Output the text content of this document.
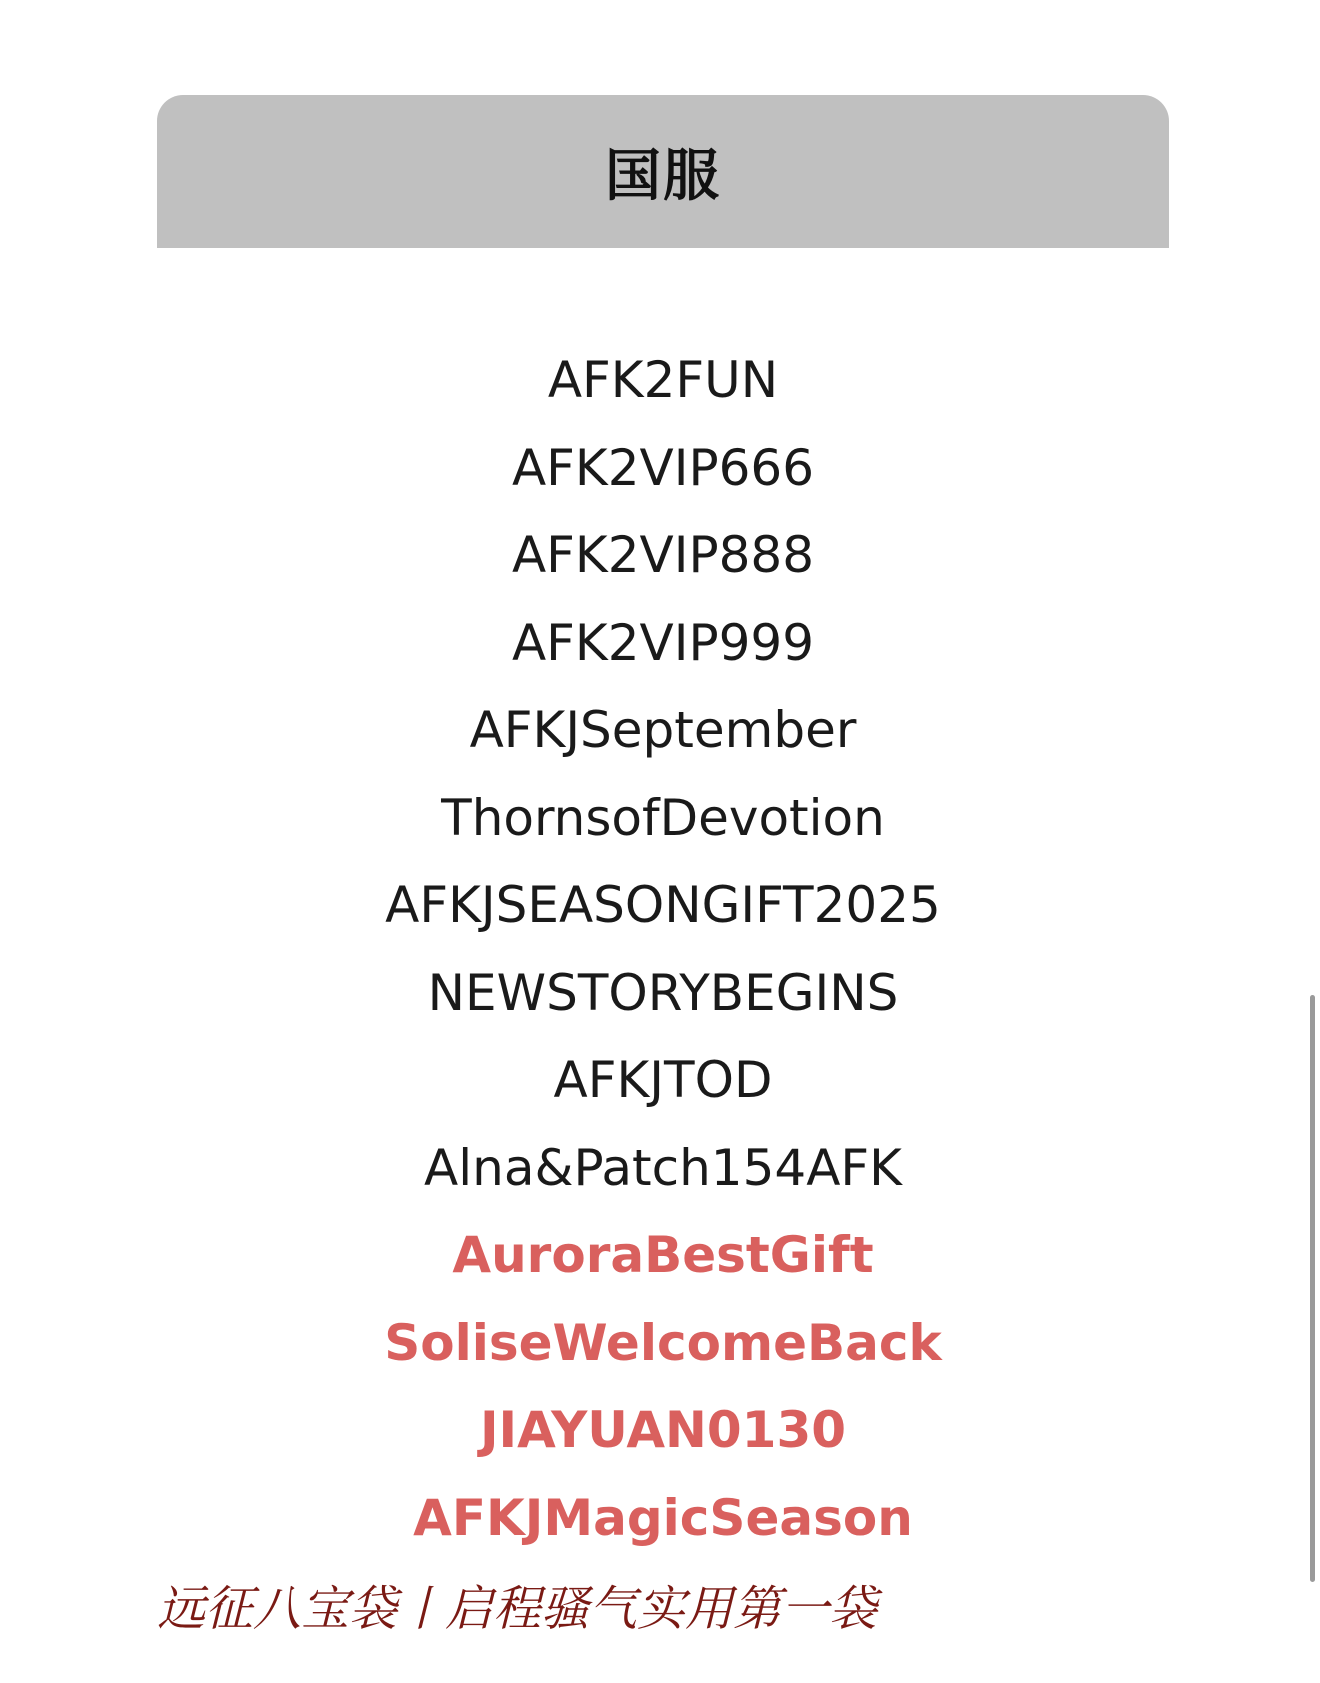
国服
AFK2FUN
AFK2VIP666
AFK2VIP888
AFK2VIP999
AFKJSeptember
ThornsofDevotion
AFKJSEASONGIFT2025
NEWSTORYBEGINS
AFKJTOD
Alna&Patch154AFK
AuroraBestGift
SoliseWelcomeBack
JIAYUAN0130
AFKJMagicSeason
远征八宝袋丨启程骚气实用第一袋
